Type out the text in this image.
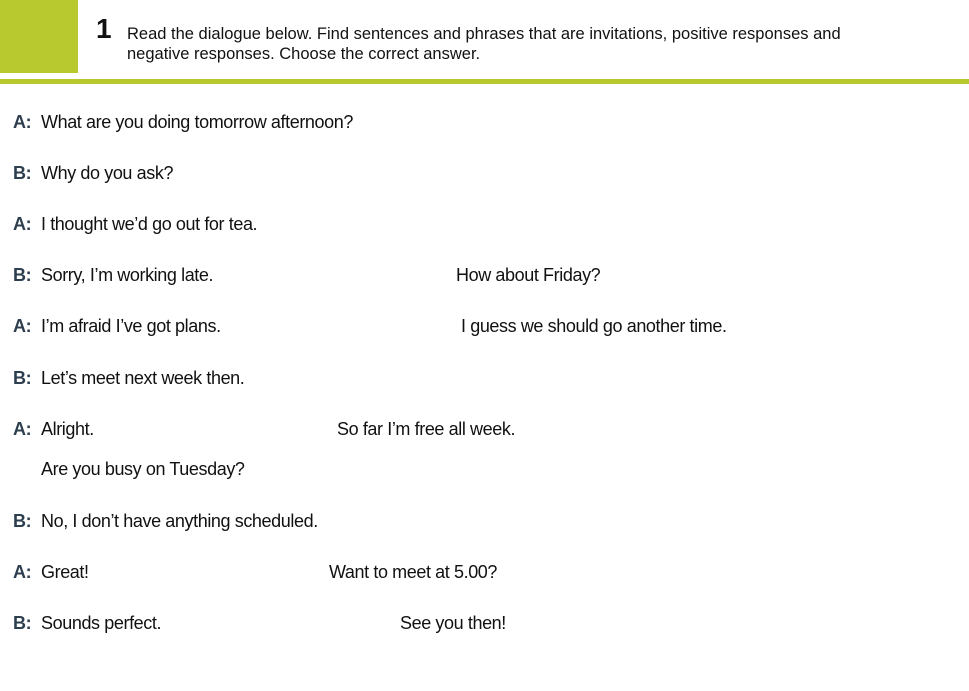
1 Read the dialogue below. Find sentences and phrases that are invitations, positive responses and
negative responses. Choose the correct answer.
A: What are you doing tomorrow afternoon?
B: Why do you ask?
A: I thought we’d go out for tea.
B: Sorry, I’m working late.	How about Friday?
A: I’m afraid I’ve got plans.	I guess we should go another time.
B: Let’s meet next week then.
A: Alright.	So far I’m free all week.
Are you busy on Tuesday?
B: No, I don’t have anything scheduled.
A: Great!	Want to meet at 5.00?
B: Sounds perfect.	See you then!
